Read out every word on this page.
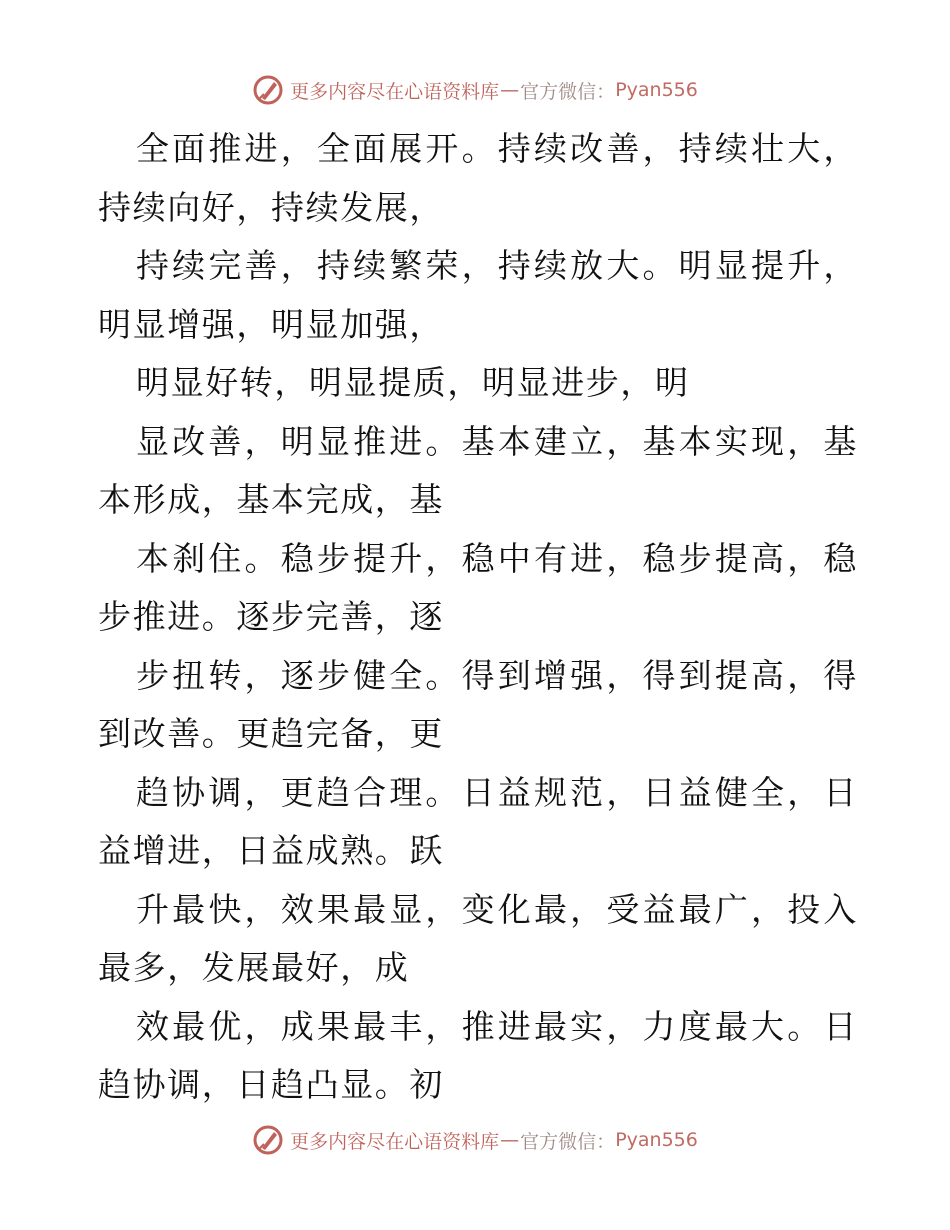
更多内容尽在心语资料库 — 官方微信： Pyan556

全面推进，全面展开。持续改善，持续壮大，持续向好，持续发展，

持续完善，持续繁荣，持续放大。明显提升，明显增强，明显加强，

明显好转，明显提质，明显进步，明

显改善，明显推进。基本建立，基本实现，基本形成，基本完成，基

本刹住。稳步提升，稳中有进，稳步提高，稳步推进。逐步完善，逐

步扭转，逐步健全。得到增强，得到提高，得到改善。更趋完备，更

趋协调，更趋合理。日益规范，日益健全，日益增进，日益成熟。跃

升最快，效果最显，变化最，受益最广，投入最多，发展最好，成

效最优，成果最丰，推进最实，力度最大。日趋协调，日趋凸显。初

更多内容尽在心语资料库 — 官方微信： Pyan556
